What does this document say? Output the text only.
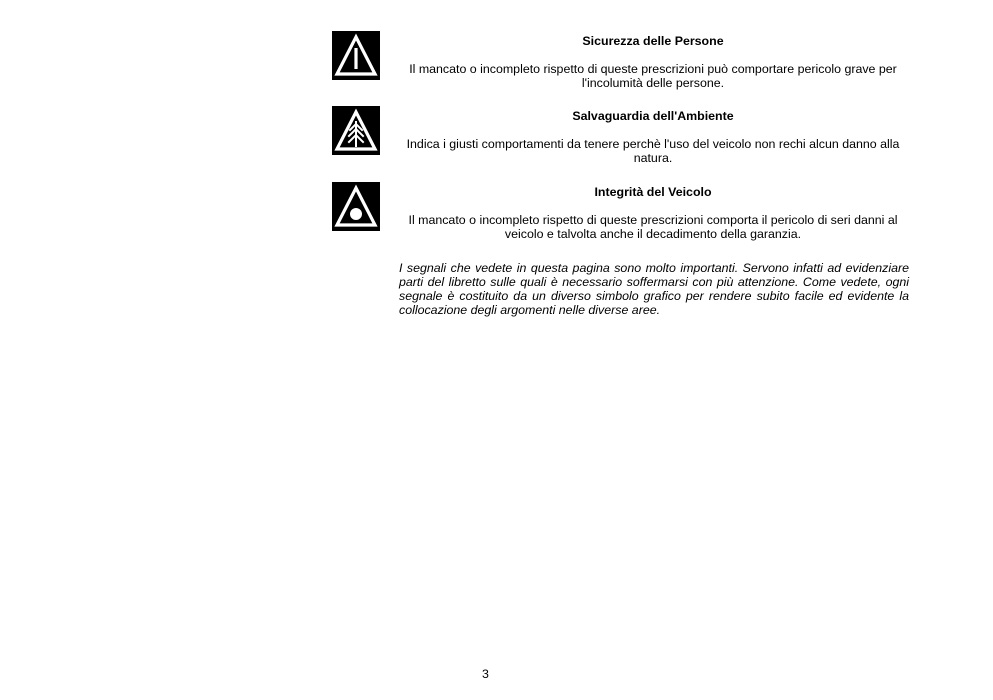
Sicurezza delle Persone

Il mancato o incompleto rispetto di queste prescrizioni può comportare pericolo grave per l'incolumità delle persone.

Salvaguardia dell'Ambiente

Indica i giusti comportamenti da tenere perchè l'uso del veicolo non rechi alcun danno alla natura.

Integrità del Veicolo

Il mancato o incompleto rispetto di queste prescrizioni comporta il pericolo di seri danni al veicolo e talvolta anche il decadimento della garanzia.

I segnali che vedete in questa pagina sono molto importanti. Servono infatti ad evidenziare parti del libretto sulle quali è necessario soffermarsi con più attenzione. Come vedete, ogni segnale è costituito da un diverso simbolo grafico per rendere subito facile ed evidente la collocazione degli argomenti nelle diverse aree.

3
